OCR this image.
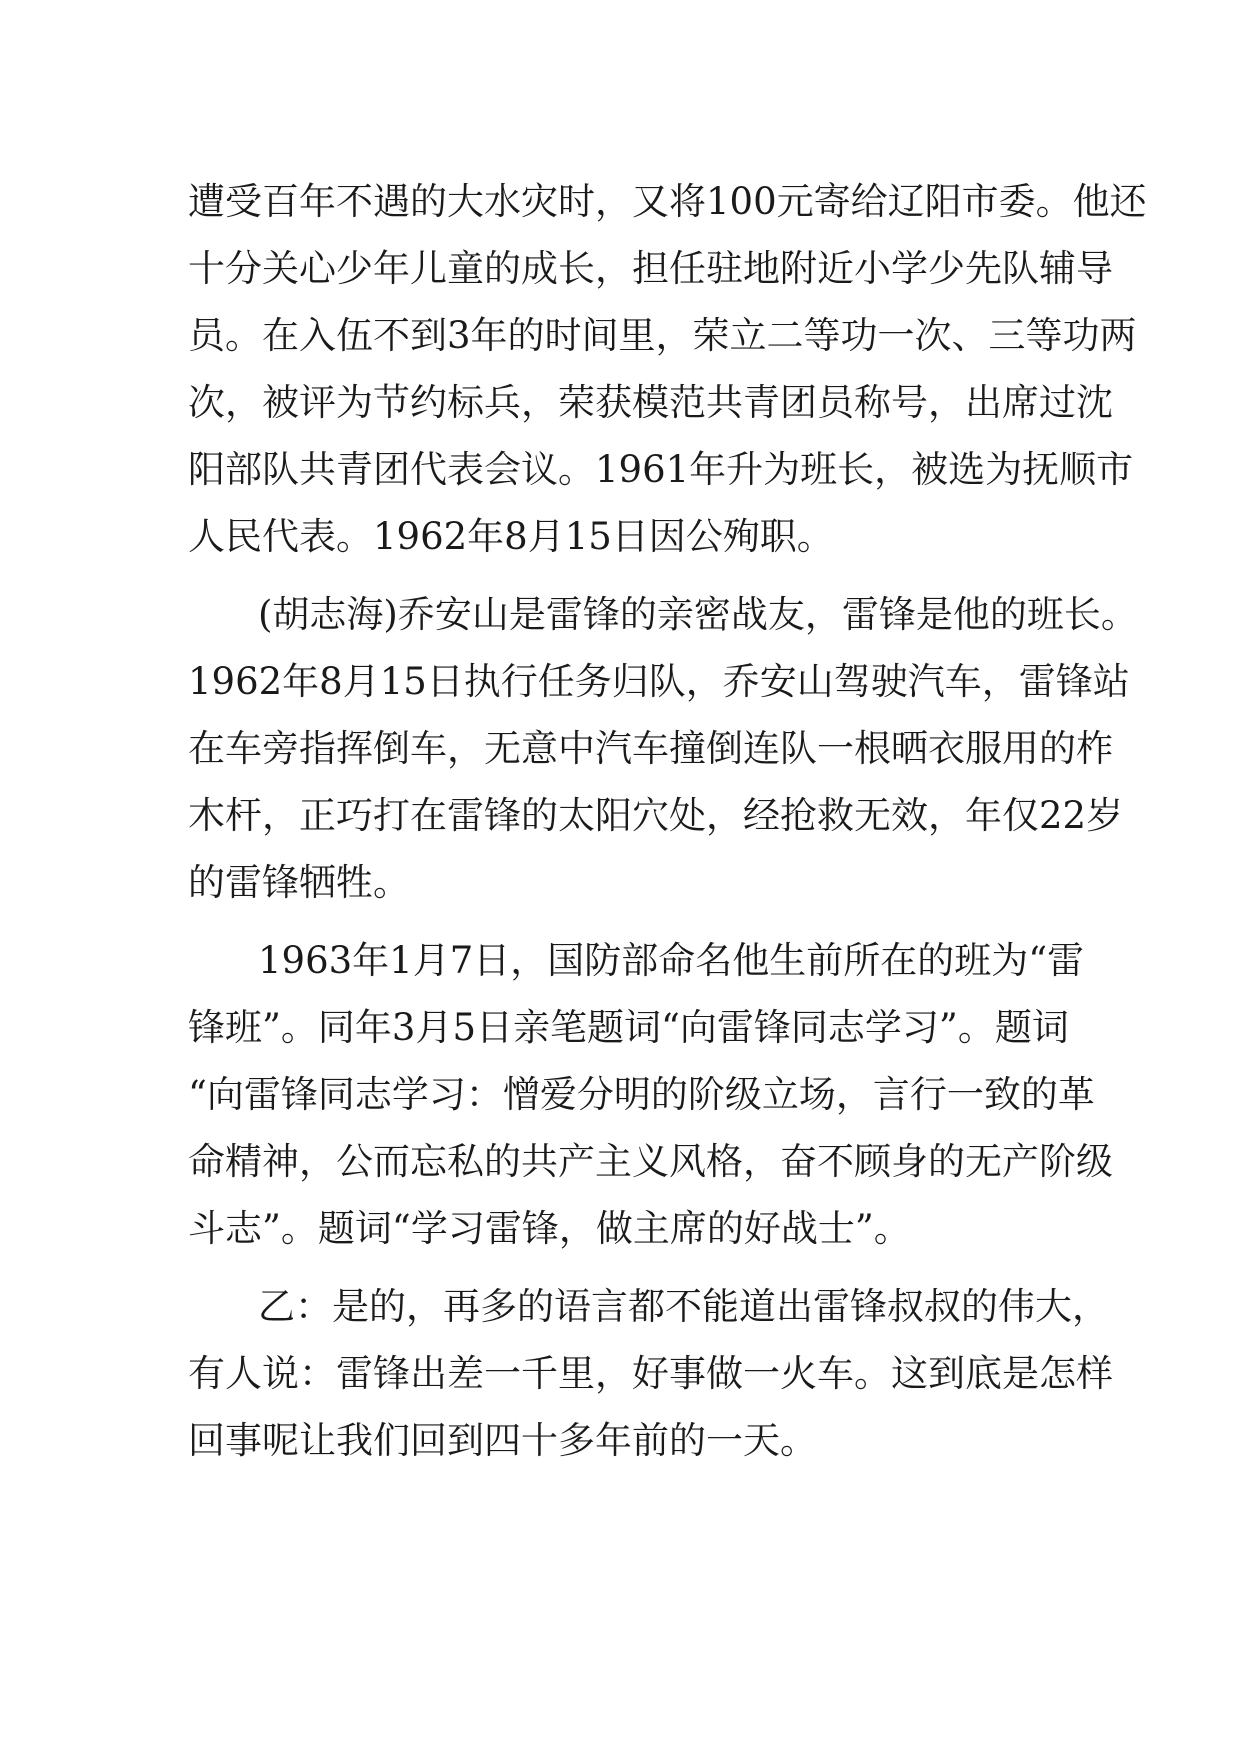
遭受百年不遇的大水灾时，又将100元寄给辽阳市委。他还
十分关心少年儿童的成长，担任驻地附近小学少先队辅导
员。在入伍不到3年的时间里，荣立二等功一次、三等功两
次，被评为节约标兵，荣获模范共青团员称号，出席过沈
阳部队共青团代表会议。1961年升为班长，被选为抚顺市
人民代表。1962年8月15日因公殉职。
(胡志海)乔安山是雷锋的亲密战友，雷锋是他的班长。
1962年8月15日执行任务归队，乔安山驾驶汽车，雷锋站
在车旁指挥倒车，无意中汽车撞倒连队一根晒衣服用的柞
木杆，正巧打在雷锋的太阳穴处，经抢救无效，年仅22岁
的雷锋牺牲。
1963年1月7日，国防部命名他生前所在的班为“雷
锋班”。同年3月5日亲笔题词“向雷锋同志学习”。题词
“向雷锋同志学习：憎爱分明的阶级立场，言行一致的革
命精神，公而忘私的共产主义风格，奋不顾身的无产阶级
斗志”。题词“学习雷锋，做主席的好战士”。
乙：是的，再多的语言都不能道出雷锋叔叔的伟大，
有人说：雷锋出差一千里，好事做一火车。这到底是怎样
回事呢让我们回到四十多年前的一天。
